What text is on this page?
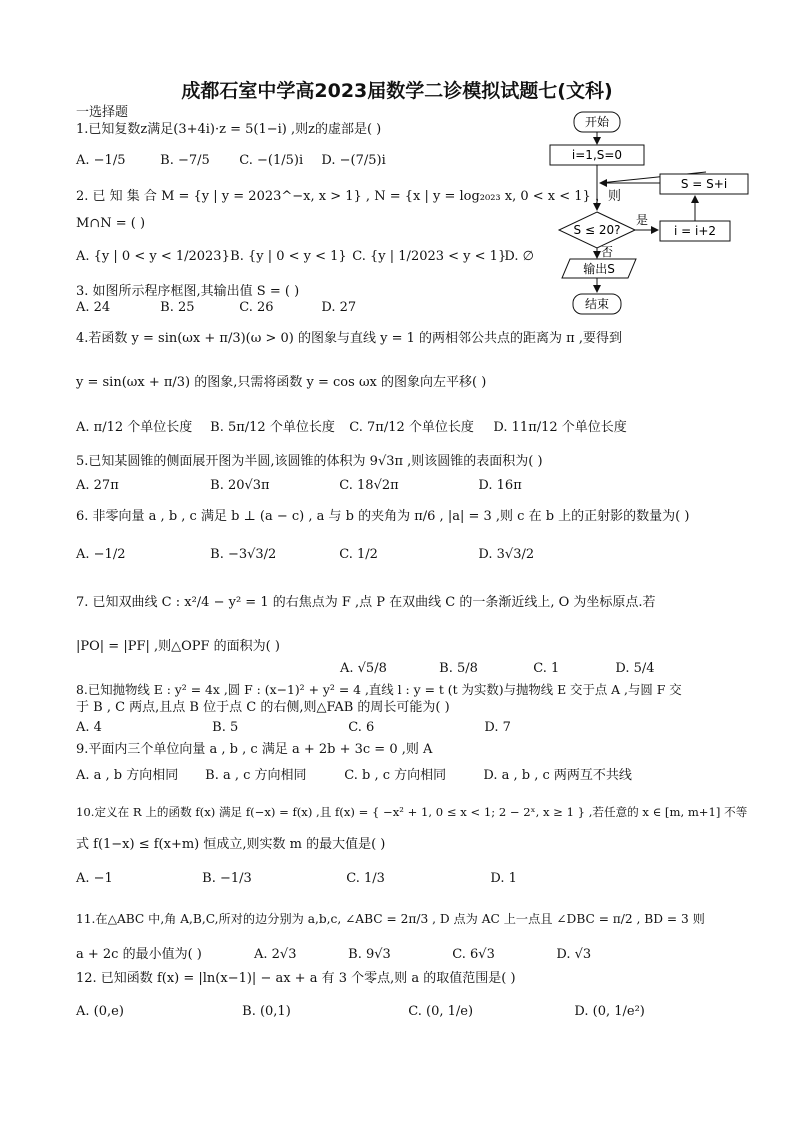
成都石室中学高2023届数学二诊模拟试题七(文科)
一选择题
1.已知复数z满足(3+4i)·z = 5(1−i) ,则z的虚部是( )
A. −1/5	B. −7/5 C. −(1/5)i D. −(7/5)i
2. 已 知 集 合 M = {y | y = 2023^−x, x > 1} , N = {x | y = log₂₀₂₃ x, 0 < x < 1} ，则
M∩N = ( )
A. {y | 0 < y < 1/2023} B. {y | 0 < y < 1} C. {y | 1/2023 < y < 1} D. ∅
3. 如图所示程序框图,其输出值 S = ( )
A. 24	B. 25	C. 26	D. 27
4.若函数 y = sin(ωx + π/3)(ω > 0) 的图象与直线 y = 1 的两相邻公共点的距离为 π ,要得到
y = sin(ωx + π/3) 的图象,只需将函数 y = cos ωx 的图象向左平移( )
A. π/12 个单位长度 B. 5π/12 个单位长度 C. 7π/12 个单位长度 D. 11π/12 个单位长度
5.已知某圆锥的侧面展开图为半圆,该圆锥的体积为 9√3π ,则该圆锥的表面积为( )
A. 27π	B. 20√3π	C. 18√2π	D. 16π
6. 非零向量 a , b , c 满足 b ⊥ (a − c) , a 与 b 的夹角为 π/6 , |a| = 3 ,则 c 在 b 上的正射影的数量为( )
A. −1/2	B. −3√3/2	C. 1/2	D. 3√3/2
7. 已知双曲线 C : x²/4 − y² = 1 的右焦点为 F ,点 P 在双曲线 C 的一条渐近线上, O 为坐标原点.若
|PO| = |PF| ,则△OPF 的面积为( )
A. √5/8	B. 5/8	C. 1	D. 5/4
8.已知抛物线 E : y² = 4x ,圆 F : (x−1)² + y² = 4 ,直线 l : y = t (t 为实数)与抛物线 E 交于点 A ,与圆 F 交
于 B , C 两点,且点 B 位于点 C 的右侧,则△FAB 的周长可能为( )
A. 4	B. 5	C. 6	D. 7
9.平面内三个单位向量 a , b , c 满足 a + 2b + 3c = 0 ,则 A
A. a , b 方向相同 B. a , c 方向相同	C. b , c 方向相同	D. a , b , c 两两互不共线
10.定义在 R 上的函数 f(x) 满足 f(−x) = f(x) ,且 f(x) = { −x² + 1, 0 ≤ x < 1; 2 − 2ˣ, x ≥ 1 } ,若任意的 x ∈ [m, m+1] 不等
式 f(1−x) ≤ f(x+m) 恒成立,则实数 m 的最大值是( )
A. −1	B. −1/3	C. 1/3	D. 1
11.在△ABC 中,角 A,B,C,所对的边分别为 a,b,c, ∠ABC = 2π/3 , D 点为 AC 上一点且 ∠DBC = π/2 , BD = 3 则
a + 2c 的最小值为( )	A. 2√3	B. 9√3	C. 6√3	D. √3
12. 已知函数 f(x) = |ln(x−1)| − ax + a 有 3 个零点,则 a 的取值范围是( )
A. (0,e)	B. (0,1)	C. (0, 1/e)	D. (0, 1/e²)
开始
i=1,S=0
S = S+i
S ≤ 20?
是
i = i+2
否
输出S
结束
